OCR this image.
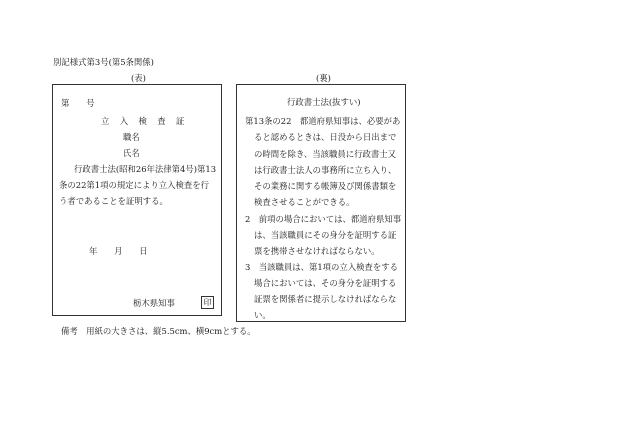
別記様式第3号(第5条関係)
(表)	(裏)
第　　号
立　入　検　査　証
職名
氏名
行政書士法(昭和26年法律第4号)第13
条の22第1項の規定により立入検査を行
う者であることを証明する。
年　　月　　日
栃木県知事	印
行政書士法(抜すい)
第13条の22　都道府県知事は、必要があ
ると認めるときは、日没から日出まで
の時間を除き、当該職員に行政書士又
は行政書士法人の事務所に立ち入り、
その業務に関する帳簿及び関係書類を
検査させることができる。
2　前項の場合においては、都道府県知事
は、当該職員にその身分を証明する証
票を携帯させなければならない。
3　当該職員は、第1項の立入検査をする
場合においては、その身分を証明する
証票を関係者に提示しなければならな
い。
備考　用紙の大きさは、縦5.5cm、横9cmとする。
